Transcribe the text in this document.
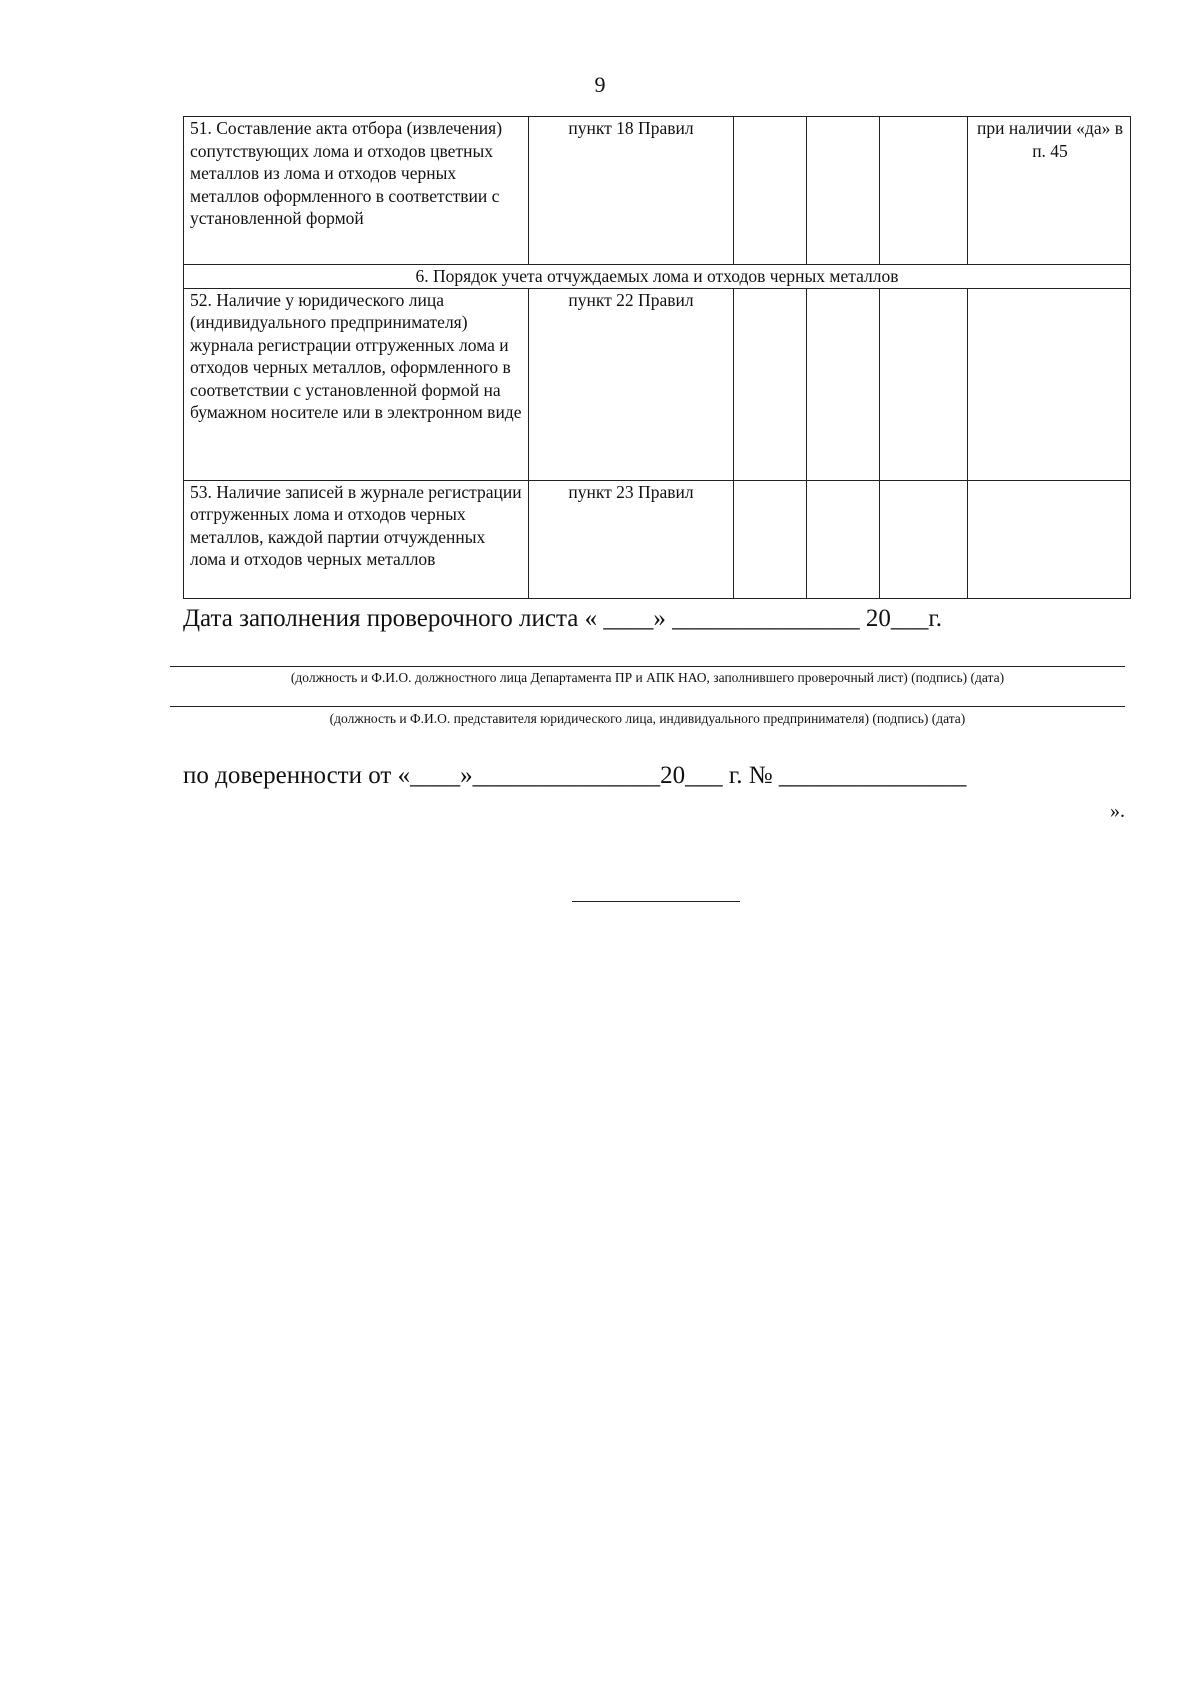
9
51. Составление акта отбора (извлечения) сопутствующих лома и отходов цветных металлов из лома и отходов черных металлов оформленного в соответствии с установленной формой	пункт 18 Правил				при наличии «да» в п. 45
6. Порядок учета отчуждаемых лома и отходов черных металлов					
52. Наличие у юридического лица (индивидуального предпринимателя) журнала регистрации отгруженных лома и отходов черных металлов, оформленного в соответствии с установленной формой на бумажном носителе или в электронном виде	пункт 22 Правил				
53. Наличие записей в журнале регистрации отгруженных лома и отходов черных металлов, каждой партии отчужденных лома и отходов черных металлов	пункт 23 Правил				
Дата заполнения проверочного листа « ____» _______________ 20___г.
(должность и Ф.И.О. должностного лица Департамента ПР и АПК НАО, заполнившего проверочный лист) (подпись) (дата)
(должность и Ф.И.О. представителя юридического лица, индивидуального предпринимателя) (подпись) (дата)
по доверенности от «____»_______________20___ г. № _______________
».
